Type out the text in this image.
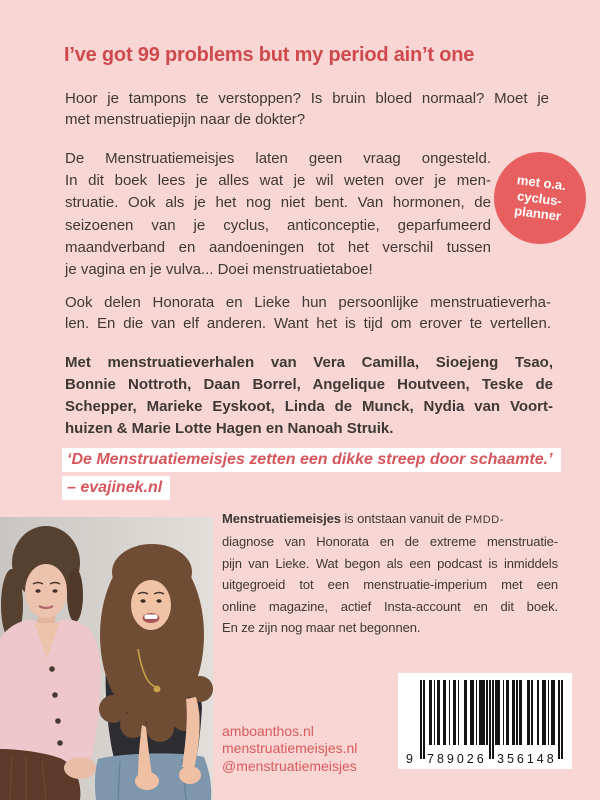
I’ve got 99 problems but my period ain’t one
Hoor je tampons te verstoppen? Is bruin bloed normaal? Moet je
met menstruatiepijn naar de dokter?
De Menstruatiemeisjes laten geen vraag ongesteld.
In dit boek lees je alles wat je wil weten over je men-
struatie. Ook als je het nog niet bent. Van hormonen, de
seizoenen van je cyclus, anticonceptie, geparfumeerd
maandverband en aandoeningen tot het verschil tussen
je vagina en je vulva... Doei menstruatietaboe!
met o.a.
cyclus-
planner
Ook delen Honorata en Lieke hun persoonlijke menstruatieverha-
len. En die van elf anderen. Want het is tijd om erover te vertellen.
Met menstruatieverhalen van Vera Camilla, Sioejeng Tsao,
Bonnie Nottroth, Daan Borrel, Angelique Houtveen, Teske de
Schepper, Marieke Eyskoot, Linda de Munck, Nydia van Voort-
huizen & Marie Lotte Hagen en Nanoah Struik.
‘De Menstruatiemeisjes zetten een dikke streep door schaamte.’
– evajinek.nl
Menstruatiemeisjes is ontstaan vanuit de PMDD-
diagnose van Honorata en de extreme menstruatie-
pijn van Lieke. Wat begon als een podcast is inmiddels
uitgegroeid tot een menstruatie-imperium met een
online magazine, actief Insta-account en dit boek.
En ze zijn nog maar net begonnen.
amboanthos.nl
menstruatiemeisjes.nl
@menstruatiemeisjes	9 789026 356148
